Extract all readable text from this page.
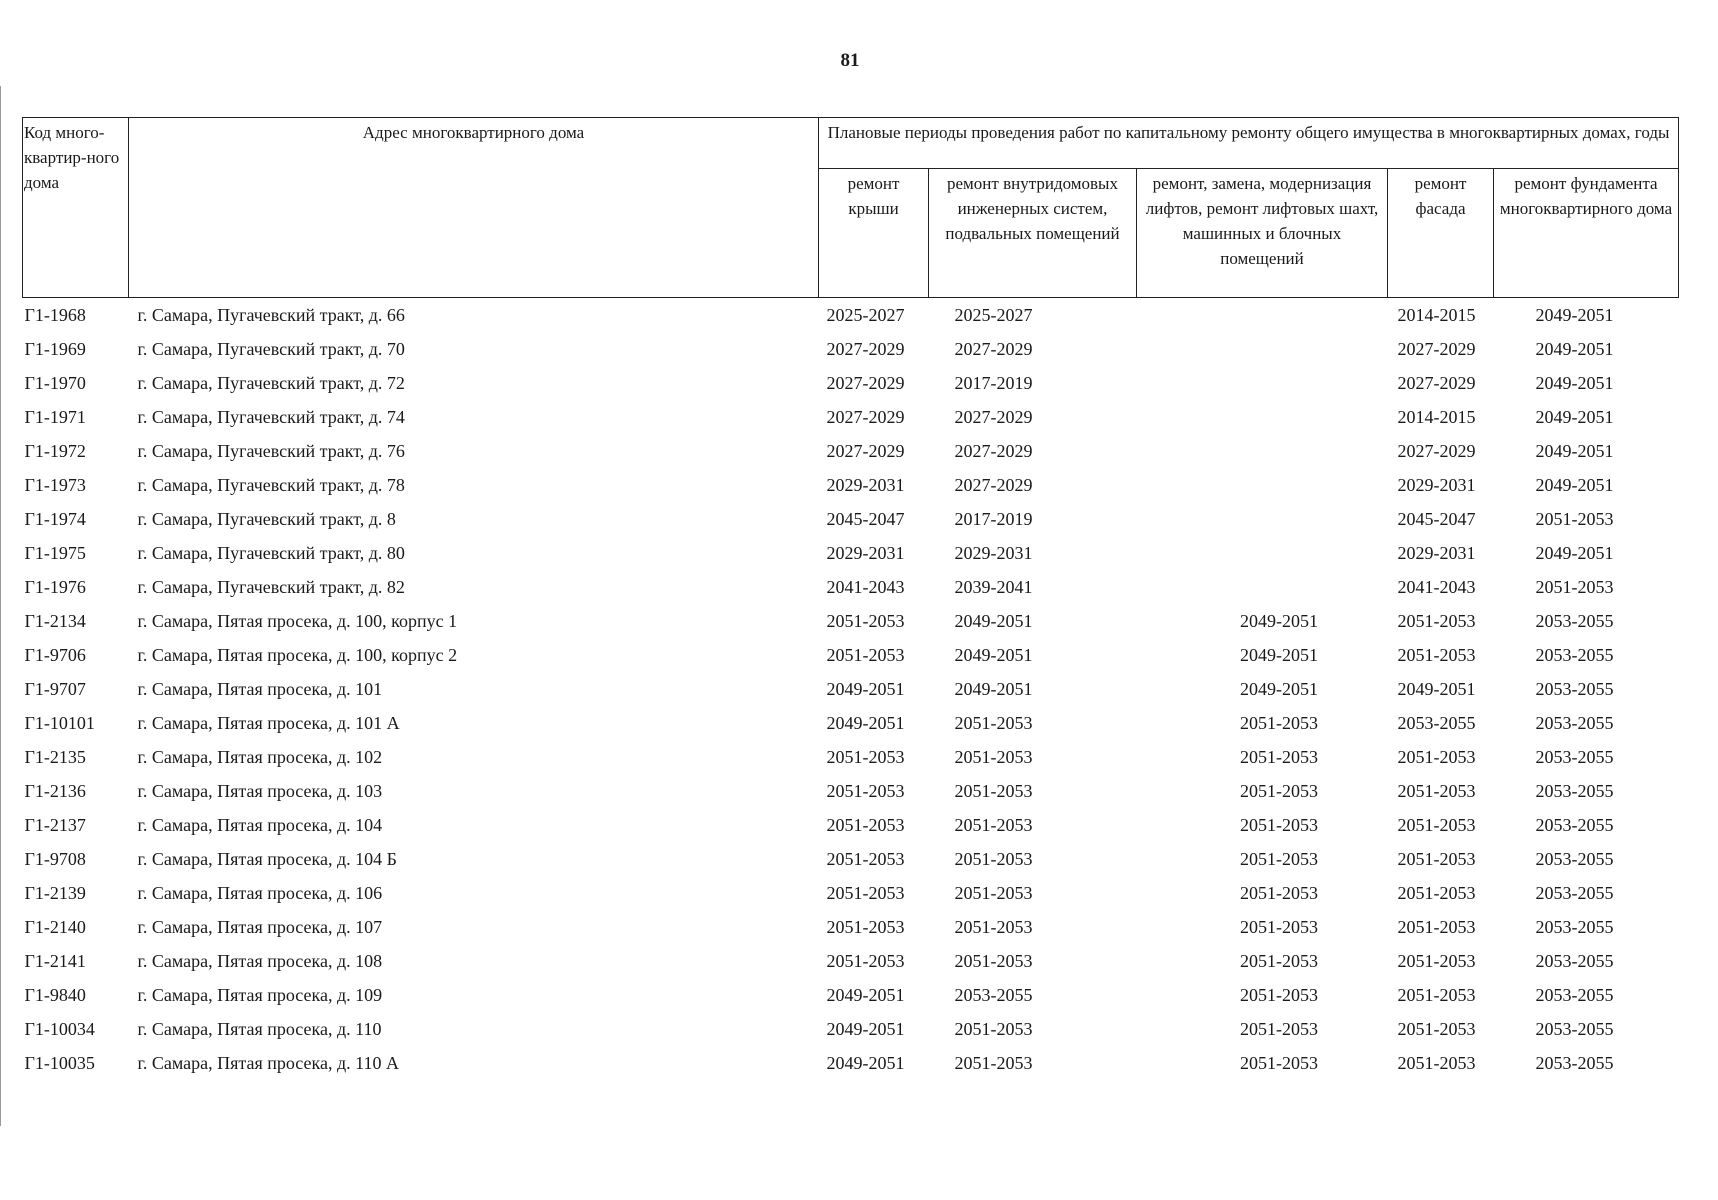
81
Код много-квартир-ного дома	Адрес многоквартирного дома	Плановые периоды проведения работ по капитальному ремонту общего имущества в многоквартирных домах, годы				
		ремонт крыши	ремонт внутридомовых инженерных систем, подвальных помещений	ремонт, замена, модернизация лифтов, ремонт лифтовых шахт, машинных и блочных помещений	ремонт фасада	ремонт фундамента многоквартирного дома
Г1-1968	г. Самара, Пугачевский тракт, д. 66	2025-2027	2025-2027		2014-2015	2049-2051
Г1-1969	г. Самара, Пугачевский тракт, д. 70	2027-2029	2027-2029		2027-2029	2049-2051
Г1-1970	г. Самара, Пугачевский тракт, д. 72	2027-2029	2017-2019		2027-2029	2049-2051
Г1-1971	г. Самара, Пугачевский тракт, д. 74	2027-2029	2027-2029		2014-2015	2049-2051
Г1-1972	г. Самара, Пугачевский тракт, д. 76	2027-2029	2027-2029		2027-2029	2049-2051
Г1-1973	г. Самара, Пугачевский тракт, д. 78	2029-2031	2027-2029		2029-2031	2049-2051
Г1-1974	г. Самара, Пугачевский тракт, д. 8	2045-2047	2017-2019		2045-2047	2051-2053
Г1-1975	г. Самара, Пугачевский тракт, д. 80	2029-2031	2029-2031		2029-2031	2049-2051
Г1-1976	г. Самара, Пугачевский тракт, д. 82	2041-2043	2039-2041		2041-2043	2051-2053
Г1-2134	г. Самара, Пятая просека, д. 100, корпус 1	2051-2053	2049-2051	2049-2051	2051-2053	2053-2055
Г1-9706	г. Самара, Пятая просека, д. 100, корпус 2	2051-2053	2049-2051	2049-2051	2051-2053	2053-2055
Г1-9707	г. Самара, Пятая просека, д. 101	2049-2051	2049-2051	2049-2051	2049-2051	2053-2055
Г1-10101	г. Самара, Пятая просека, д. 101 А	2049-2051	2051-2053	2051-2053	2053-2055	2053-2055
Г1-2135	г. Самара, Пятая просека, д. 102	2051-2053	2051-2053	2051-2053	2051-2053	2053-2055
Г1-2136	г. Самара, Пятая просека, д. 103	2051-2053	2051-2053	2051-2053	2051-2053	2053-2055
Г1-2137	г. Самара, Пятая просека, д. 104	2051-2053	2051-2053	2051-2053	2051-2053	2053-2055
Г1-9708	г. Самара, Пятая просека, д. 104 Б	2051-2053	2051-2053	2051-2053	2051-2053	2053-2055
Г1-2139	г. Самара, Пятая просека, д. 106	2051-2053	2051-2053	2051-2053	2051-2053	2053-2055
Г1-2140	г. Самара, Пятая просека, д. 107	2051-2053	2051-2053	2051-2053	2051-2053	2053-2055
Г1-2141	г. Самара, Пятая просека, д. 108	2051-2053	2051-2053	2051-2053	2051-2053	2053-2055
Г1-9840	г. Самара, Пятая просека, д. 109	2049-2051	2053-2055	2051-2053	2051-2053	2053-2055
Г1-10034	г. Самара, Пятая просека, д. 110	2049-2051	2051-2053	2051-2053	2051-2053	2053-2055
Г1-10035	г. Самара, Пятая просека, д. 110 А	2049-2051	2051-2053	2051-2053	2051-2053	2053-2055
